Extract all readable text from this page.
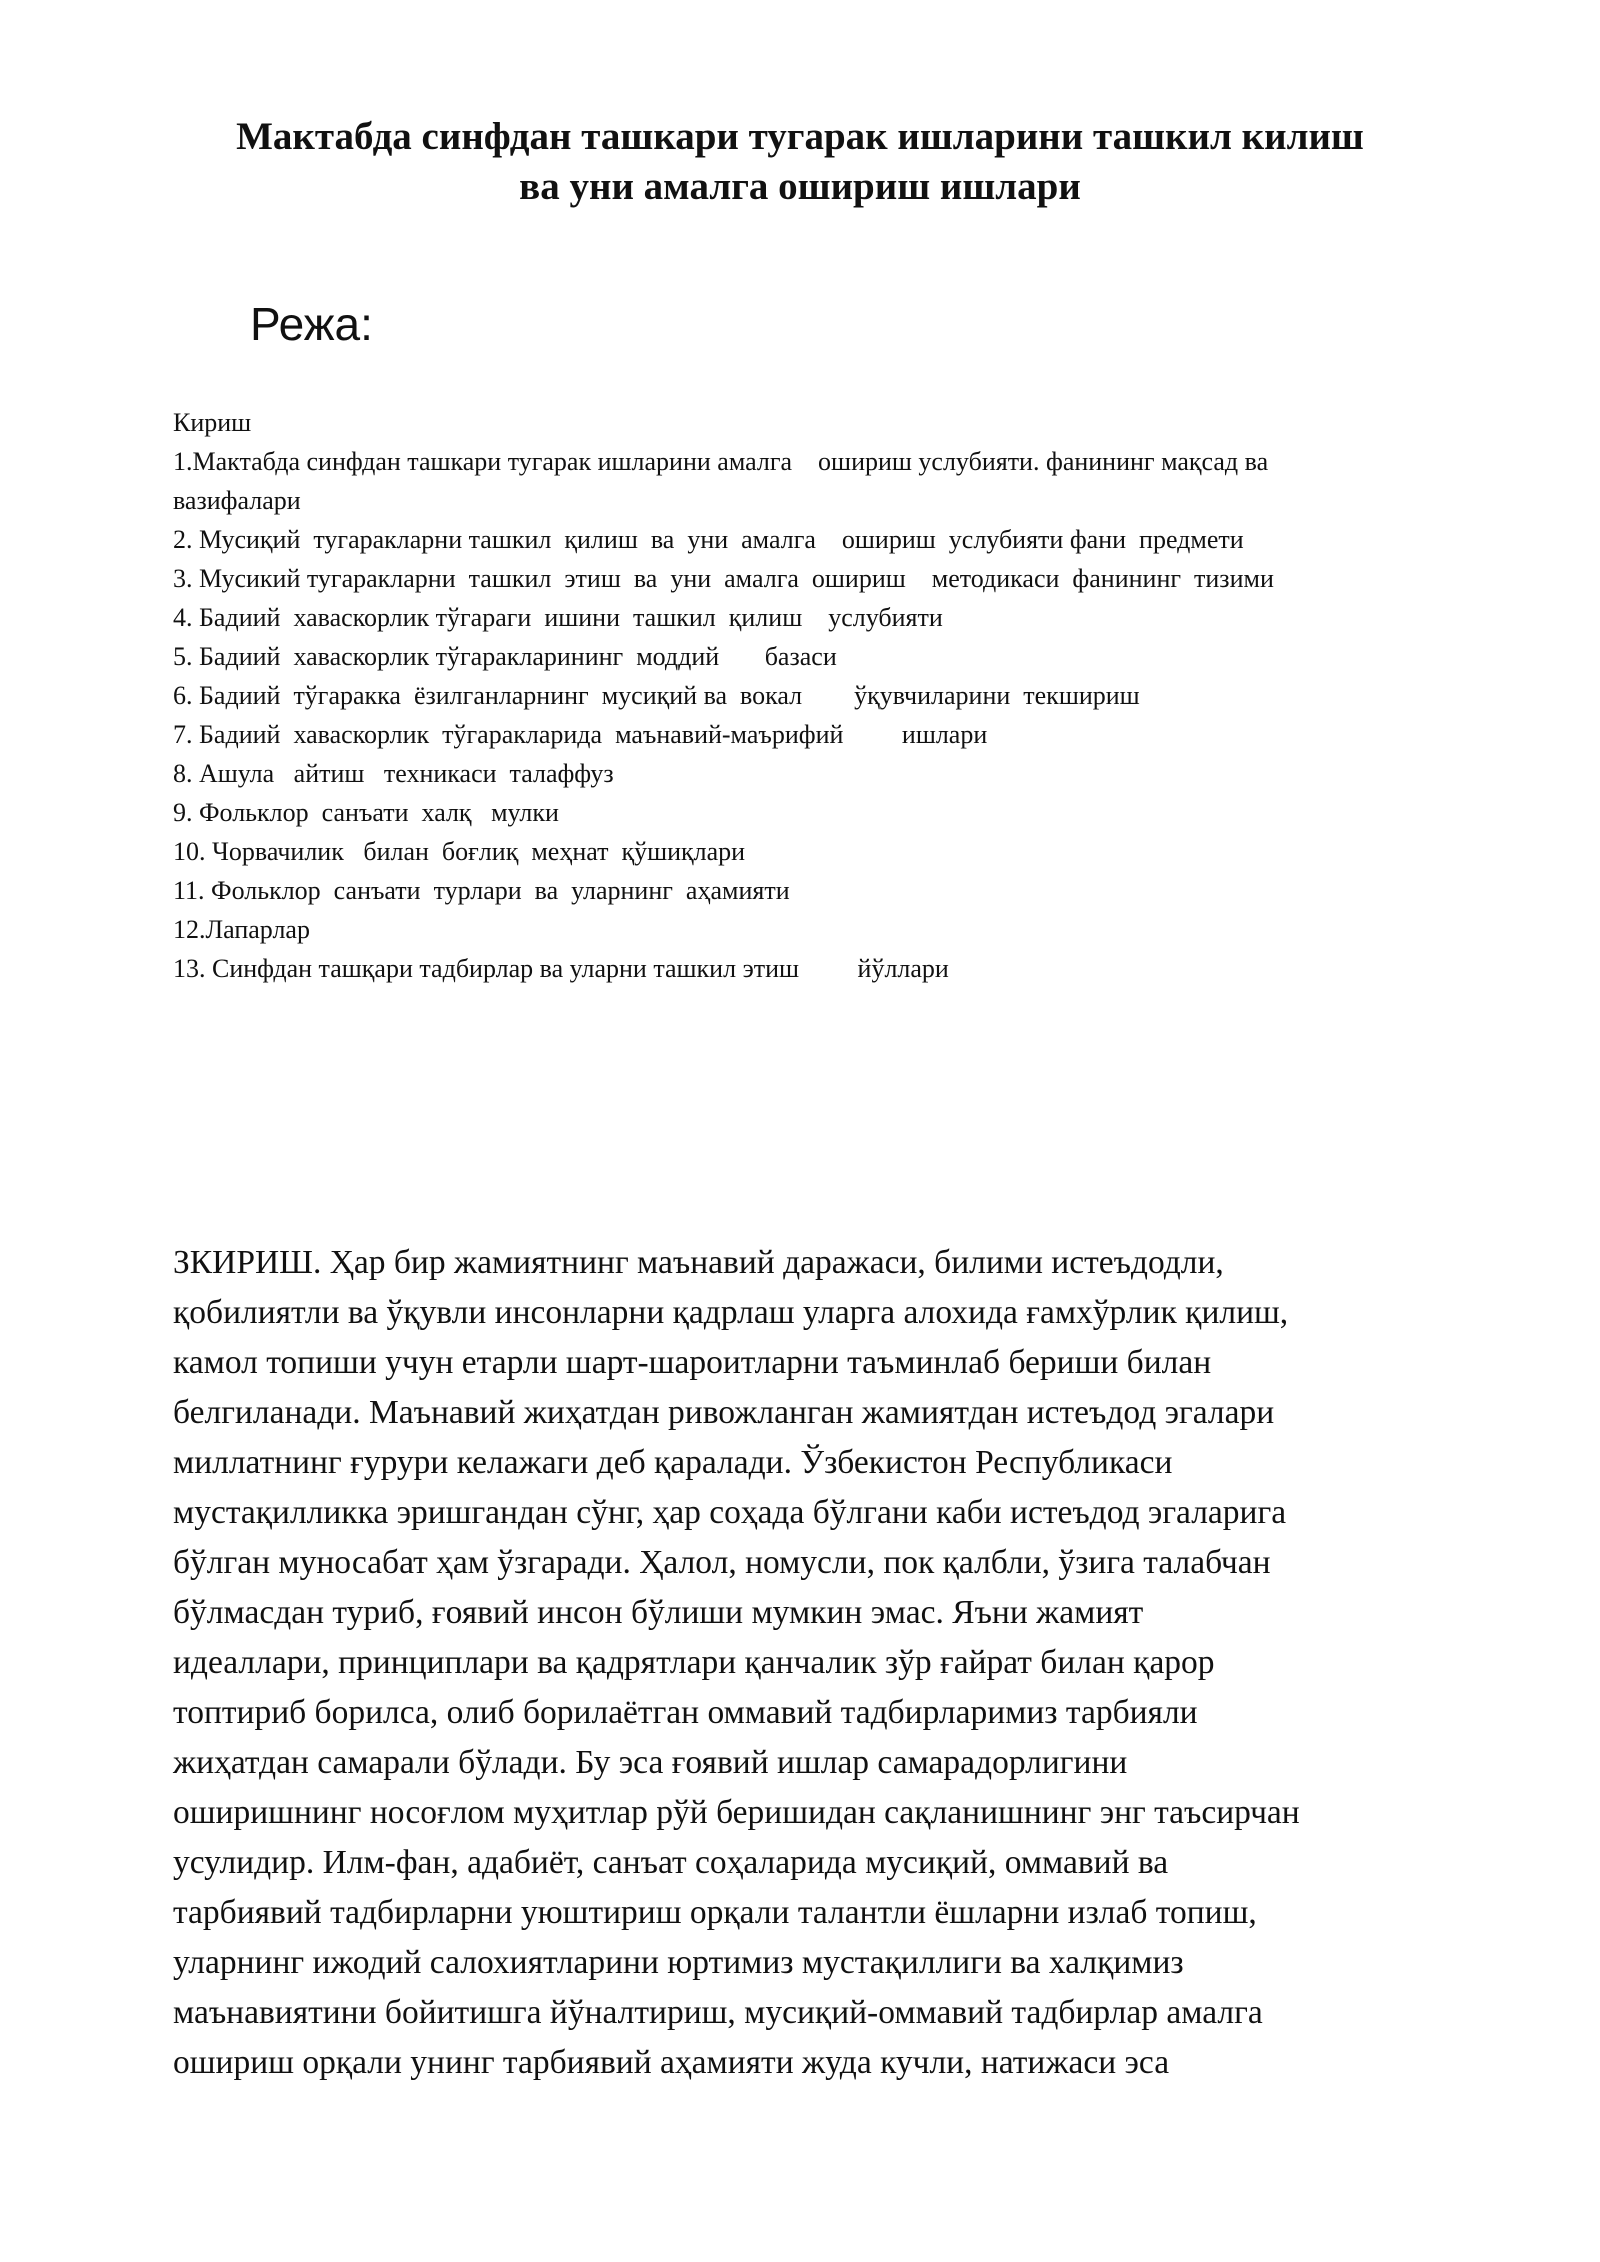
Мактабда синфдан ташкари тугарак ишларини ташкил килиш
ва уни амалга ошириш ишлари
Режа:
Кириш
1.Мактабда синфдан ташкари тугарак ишларини амалга    ошириш услубияти. фанининг мақсад ва
вазифалари
2. Мусиқий  тугаракларни ташкил  қилиш  ва  уни  амалга    ошириш  услубияти фани  предмети
3. Мусикий тугаракларни  ташкил  этиш  ва  уни  амалга  ошириш    методикаси  фанининг  тизими
4. Бадиий  хаваскорлик тўгараги  ишини  ташкил  қилиш    услубияти
5. Бадиий  хаваскорлик тўгаракларининг  моддий       базаси
6. Бадиий  тўгаракка  ёзилганларнинг  мусиқий ва  вокал        ўқувчиларини  текшириш
7. Бадиий  хаваскорлик  тўгаракларида  маънавий-маърифий         ишлари
8. Ашула   айтиш   техникаси  талаффуз
9. Фольклор  санъати  халқ   мулки
10. Чорвачилик   билан  боғлиқ  меҳнат  қўшиқлари
11. Фольклор  санъати  турлари  ва  уларнинг  аҳамияти
12.Лапарлар
13. Синфдан ташқари тадбирлар ва уларни ташкил этиш         йўллари

ЗКИРИШ. Ҳар бир жамиятнинг маънавий даражаси, билими истеъдодли,
қобилиятли ва ўқувли инсонларни қадрлаш уларга алохида ғамхўрлик қилиш,
камол топиши учун етарли шарт-шароитларни таъминлаб бериши билан
белгиланади. Маънавий жиҳатдан ривожланган жамиятдан истеъдод эгалари
миллатнинг ғурури келажаги деб қаралади. Ўзбекистон Республикаси
мустақилликка эришгандан сўнг, ҳар соҳада бўлгани каби истеъдод эгаларига
бўлган муносабат ҳам ўзгаради. Ҳалол, номусли, пок қалбли, ўзига талабчан
бўлмасдан туриб, ғоявий инсон бўлиши мумкин эмас. Яъни жамият
идеаллари, принциплари ва қадрятлари қанчалик зўр ғайрат билан қарор
топтириб борилса, олиб борилаётган оммавий тадбирларимиз тарбияли
жиҳатдан самарали бўлади. Бу эса ғоявий ишлар самарадорлигини
оширишнинг носоғлом муҳитлар рўй беришидан сақланишнинг энг таъсирчан
усулидир. Илм-фан, адабиёт, санъат соҳаларида мусиқий, оммавий ва
тарбиявий тадбирларни уюштириш орқали талантли ёшларни излаб топиш,
уларнинг ижодий салохиятларини юртимиз мустақиллиги ва халқимиз
маънавиятини бойитишга йўналтириш, мусиқий-оммавий тадбирлар амалга
ошириш орқали унинг тарбиявий аҳамияти жуда кучли, натижаси эса
